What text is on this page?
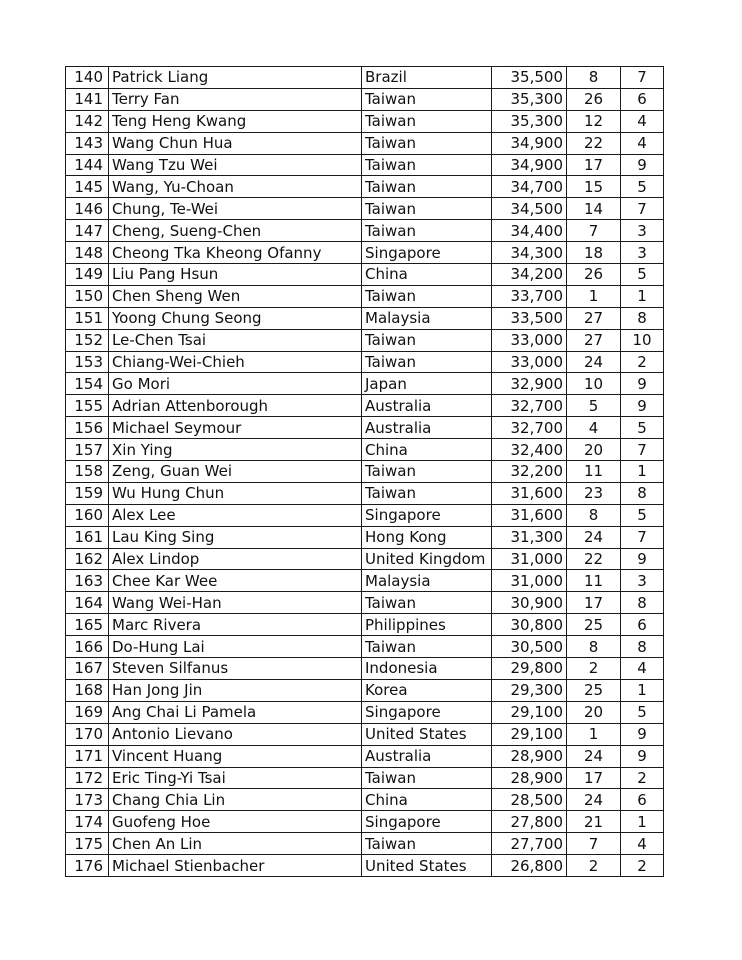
140	Patrick Liang	Brazil	35,500	8	7
141	Terry Fan	Taiwan	35,300	26	6
142	Teng Heng Kwang	Taiwan	35,300	12	4
143	Wang Chun Hua	Taiwan	34,900	22	4
144	Wang Tzu Wei	Taiwan	34,900	17	9
145	Wang, Yu-Choan	Taiwan	34,700	15	5
146	Chung, Te-Wei	Taiwan	34,500	14	7
147	Cheng, Sueng-Chen	Taiwan	34,400	7	3
148	Cheong Tka Kheong Ofanny	Singapore	34,300	18	3
149	Liu Pang Hsun	China	34,200	26	5
150	Chen Sheng Wen	Taiwan	33,700	1	1
151	Yoong Chung Seong	Malaysia	33,500	27	8
152	Le-Chen Tsai	Taiwan	33,000	27	10
153	Chiang-Wei-Chieh	Taiwan	33,000	24	2
154	Go Mori	Japan	32,900	10	9
155	Adrian Attenborough	Australia	32,700	5	9
156	Michael Seymour	Australia	32,700	4	5
157	Xin Ying	China	32,400	20	7
158	Zeng, Guan Wei	Taiwan	32,200	11	1
159	Wu Hung Chun	Taiwan	31,600	23	8
160	Alex Lee	Singapore	31,600	8	5
161	Lau King Sing	Hong Kong	31,300	24	7
162	Alex Lindop	United Kingdom	31,000	22	9
163	Chee Kar Wee	Malaysia	31,000	11	3
164	Wang Wei-Han	Taiwan	30,900	17	8
165	Marc Rivera	Philippines	30,800	25	6
166	Do-Hung Lai	Taiwan	30,500	8	8
167	Steven Silfanus	Indonesia	29,800	2	4
168	Han Jong Jin	Korea	29,300	25	1
169	Ang Chai Li Pamela	Singapore	29,100	20	5
170	Antonio Lievano	United States	29,100	1	9
171	Vincent Huang	Australia	28,900	24	9
172	Eric Ting-Yi Tsai	Taiwan	28,900	17	2
173	Chang Chia Lin	China	28,500	24	6
174	Guofeng Hoe	Singapore	27,800	21	1
175	Chen An Lin	Taiwan	27,700	7	4
176	Michael Stienbacher	United States	26,800	2	2
